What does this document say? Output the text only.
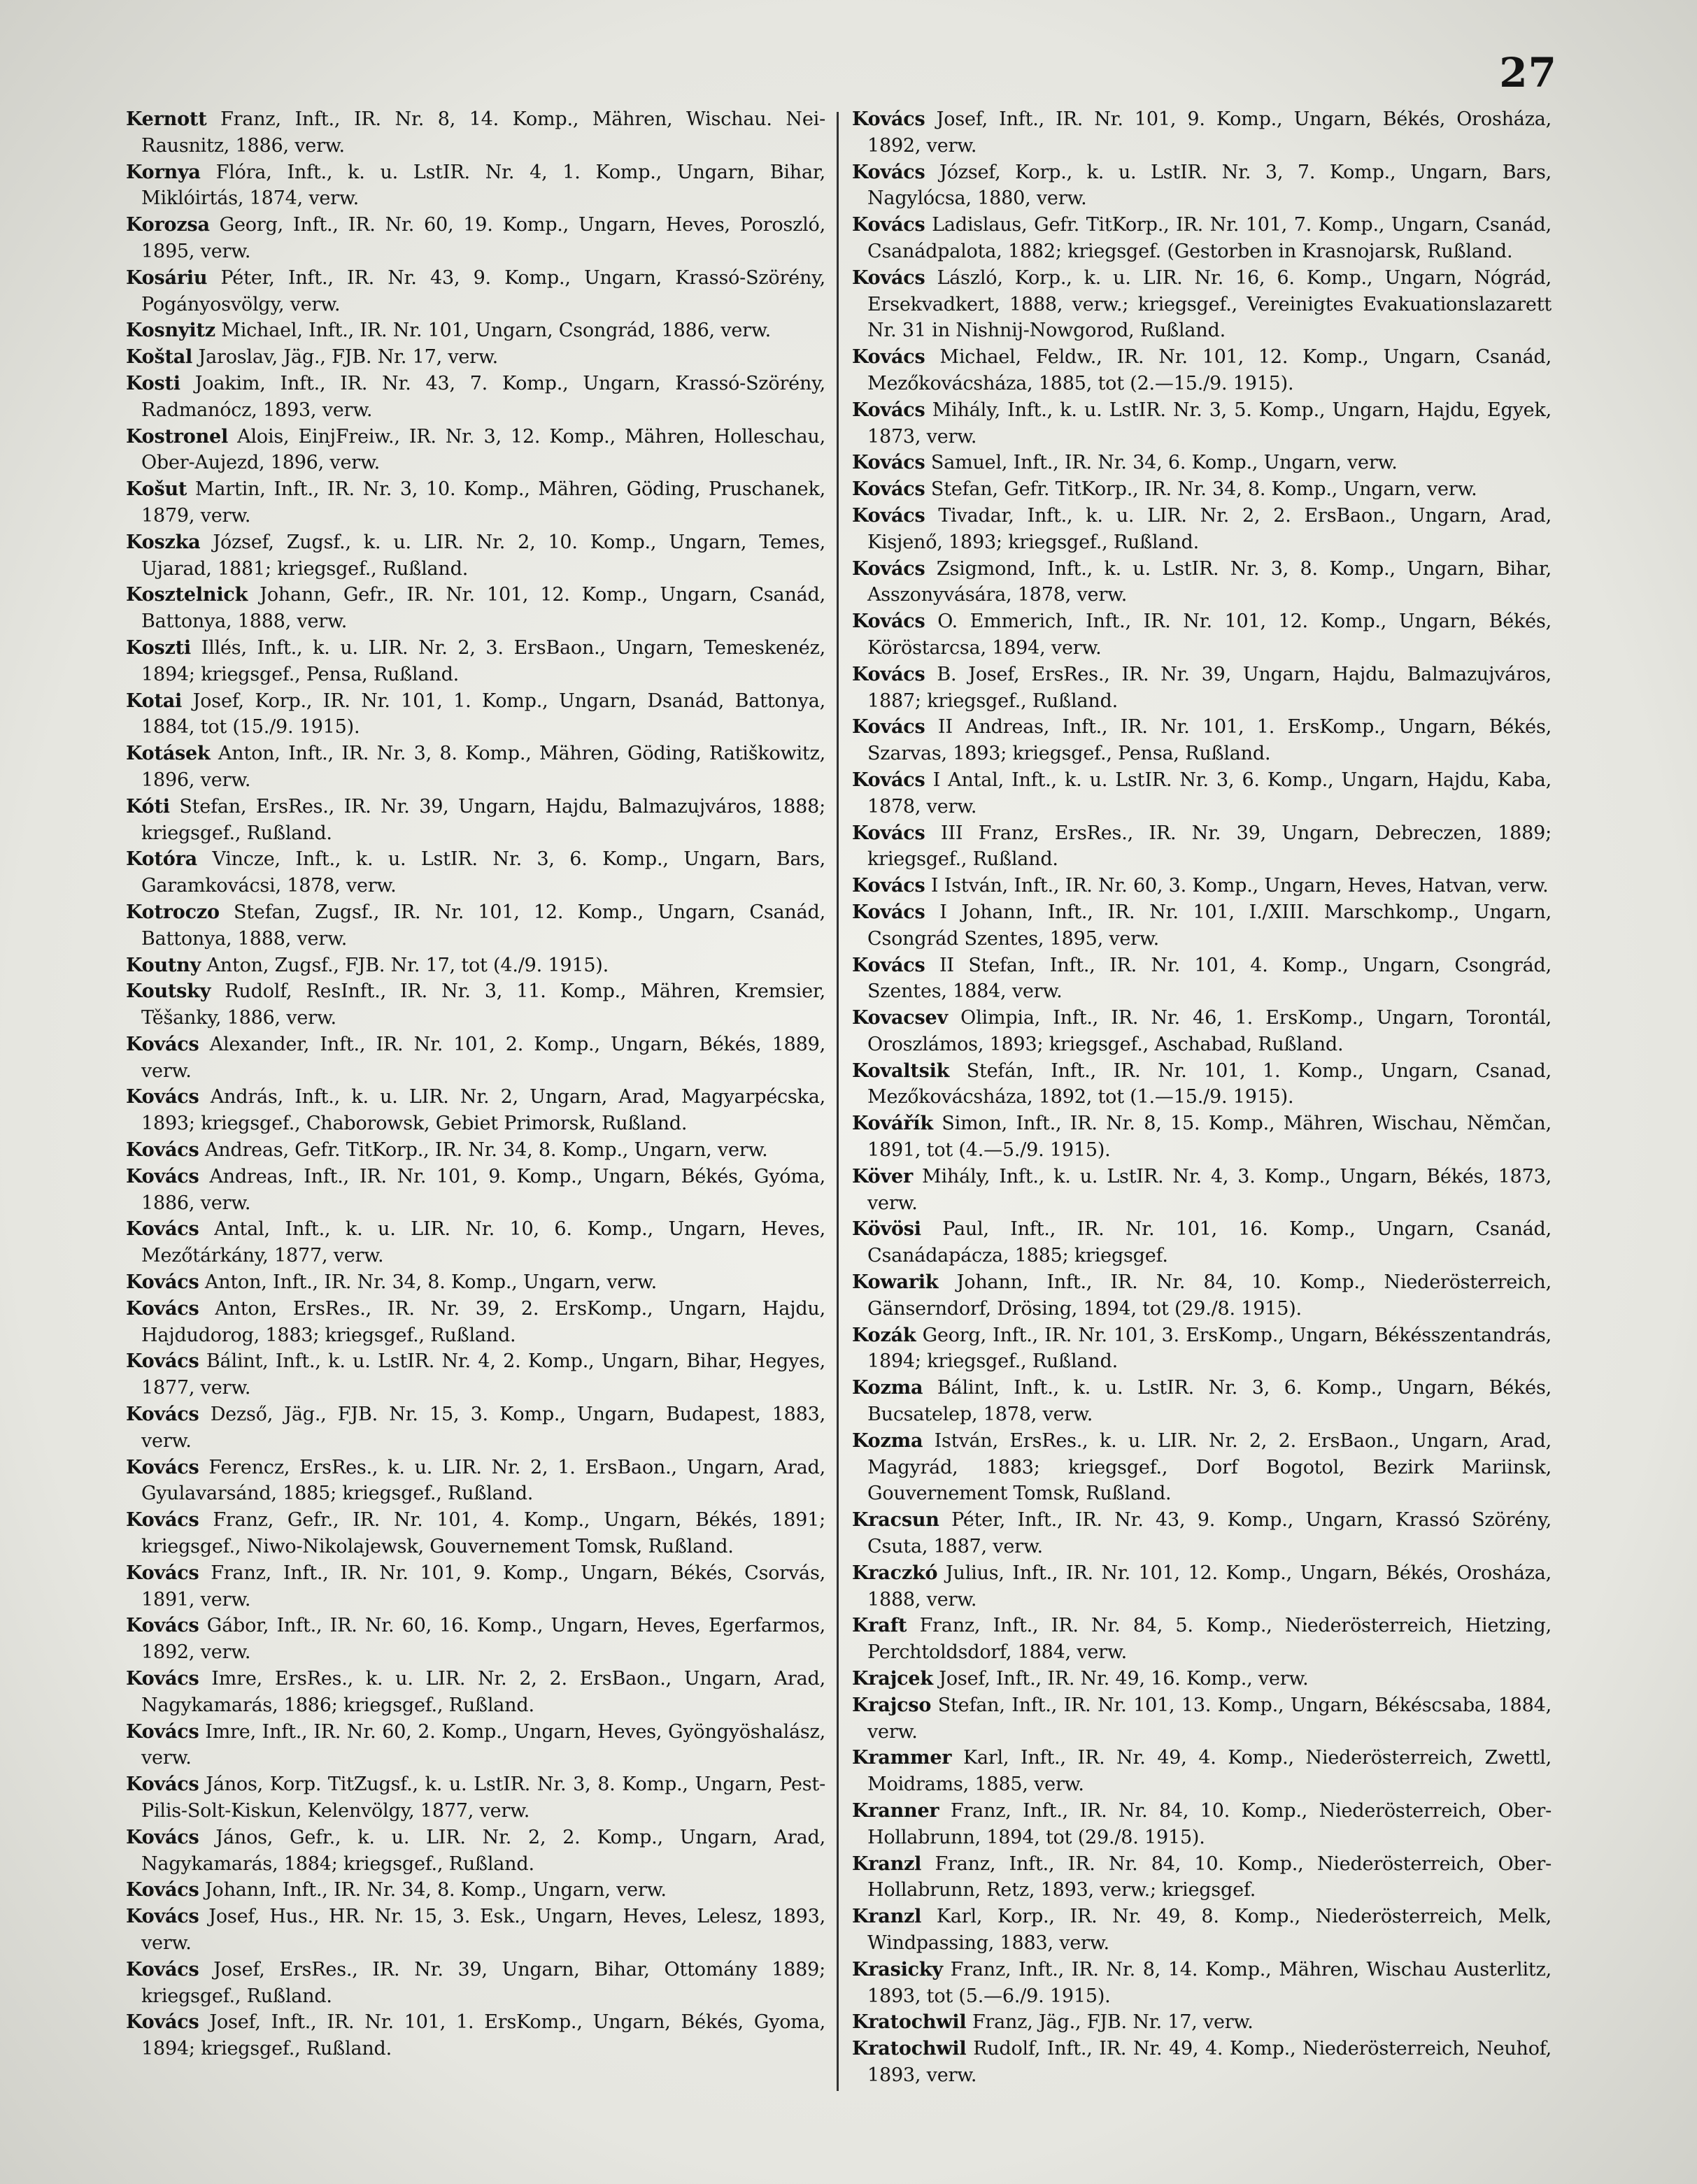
27

Kernott Franz, Inft., IR. Nr. 8, 14. Komp., Mähren, Wischau. Nei-Rausnitz, 1886, verw.

Kornya Flóra, Inft., k. u. LstIR. Nr. 4, 1. Komp., Ungarn, Bihar, Miklóirtás, 1874, verw.

Korozsa Georg, Inft., IR. Nr. 60, 19. Komp., Ungarn, Heves, Poroszló, 1895, verw.

Kosáriu Péter, Inft., IR. Nr. 43, 9. Komp., Ungarn, Krassó-Szörény, Pogányosvölgy, verw.

Kosnyitz Michael, Inft., IR. Nr. 101, Ungarn, Csongrád, 1886, verw.

Koštal Jaroslav, Jäg., FJB. Nr. 17, verw.

Kosti Joakim, Inft., IR. Nr. 43, 7. Komp., Ungarn, Krassó-Szörény, Radmanócz, 1893, verw.

Kostronel Alois, EinjFreiw., IR. Nr. 3, 12. Komp., Mähren, Holleschau, Ober-Aujezd, 1896, verw.

Košut Martin, Inft., IR. Nr. 3, 10. Komp., Mähren, Göding, Pruschanek, 1879, verw.

Koszka József, Zugsf., k. u. LIR. Nr. 2, 10. Komp., Ungarn, Temes, Ujarad, 1881; kriegsgef., Rußland.

Kosztelnick Johann, Gefr., IR. Nr. 101, 12. Komp., Ungarn, Csanád, Battonya, 1888, verw.

Koszti Illés, Inft., k. u. LIR. Nr. 2, 3. ErsBaon., Ungarn, Temeskenéz, 1894; kriegsgef., Pensa, Rußland.

Kotai Josef, Korp., IR. Nr. 101, 1. Komp., Ungarn, Dsanád, Battonya, 1884, tot (15./9. 1915).

Kotásek Anton, Inft., IR. Nr. 3, 8. Komp., Mähren, Göding, Ratiškowitz, 1896, verw.

Kóti Stefan, ErsRes., IR. Nr. 39, Ungarn, Hajdu, Balmazujváros, 1888; kriegsgef., Rußland.

Kotóra Vincze, Inft., k. u. LstIR. Nr. 3, 6. Komp., Ungarn, Bars, Garamkovácsi, 1878, verw.

Kotroczo Stefan, Zugsf., IR. Nr. 101, 12. Komp., Ungarn, Csanád, Battonya, 1888, verw.

Koutny Anton, Zugsf., FJB. Nr. 17, tot (4./9. 1915).

Koutsky Rudolf, ResInft., IR. Nr. 3, 11. Komp., Mähren, Kremsier, Těšanky, 1886, verw.

Kovács Alexander, Inft., IR. Nr. 101, 2. Komp., Ungarn, Békés, 1889, verw.

Kovács András, Inft., k. u. LIR. Nr. 2, Ungarn, Arad, Magyarpécska, 1893; kriegsgef., Chaborowsk, Gebiet Primorsk, Rußland.

Kovács Andreas, Gefr. TitKorp., IR. Nr. 34, 8. Komp., Ungarn, verw.

Kovács Andreas, Inft., IR. Nr. 101, 9. Komp., Ungarn, Békés, Gyóma, 1886, verw.

Kovács Antal, Inft., k. u. LIR. Nr. 10, 6. Komp., Ungarn, Heves, Mezőtárkány, 1877, verw.

Kovács Anton, Inft., IR. Nr. 34, 8. Komp., Ungarn, verw.

Kovács Anton, ErsRes., IR. Nr. 39, 2. ErsKomp., Ungarn, Hajdu, Hajdudorog, 1883; kriegsgef., Rußland.

Kovács Bálint, Inft., k. u. LstIR. Nr. 4, 2. Komp., Ungarn, Bihar, Hegyes, 1877, verw.

Kovács Dezső, Jäg., FJB. Nr. 15, 3. Komp., Ungarn, Budapest, 1883, verw.

Kovács Ferencz, ErsRes., k. u. LIR. Nr. 2, 1. ErsBaon., Ungarn, Arad, Gyulavarsánd, 1885; kriegsgef., Rußland.

Kovács Franz, Gefr., IR. Nr. 101, 4. Komp., Ungarn, Békés, 1891; kriegsgef., Niwo-Nikolajewsk, Gouvernement Tomsk, Rußland.

Kovács Franz, Inft., IR. Nr. 101, 9. Komp., Ungarn, Békés, Csorvás, 1891, verw.

Kovács Gábor, Inft., IR. Nr. 60, 16. Komp., Ungarn, Heves, Egerfarmos, 1892, verw.

Kovács Imre, ErsRes., k. u. LIR. Nr. 2, 2. ErsBaon., Ungarn, Arad, Nagykamarás, 1886; kriegsgef., Rußland.

Kovács Imre, Inft., IR. Nr. 60, 2. Komp., Ungarn, Heves, Gyöngyöshalász, verw.

Kovács János, Korp. TitZugsf., k. u. LstIR. Nr. 3, 8. Komp., Ungarn, Pest-Pilis-Solt-Kiskun, Kelenvölgy, 1877, verw.

Kovács János, Gefr., k. u. LIR. Nr. 2, 2. Komp., Ungarn, Arad, Nagykamarás, 1884; kriegsgef., Rußland.

Kovács Johann, Inft., IR. Nr. 34, 8. Komp., Ungarn, verw.

Kovács Josef, Hus., HR. Nr. 15, 3. Esk., Ungarn, Heves, Lelesz, 1893, verw.

Kovács Josef, ErsRes., IR. Nr. 39, Ungarn, Bihar, Ottomány 1889; kriegsgef., Rußland.

Kovács Josef, Inft., IR. Nr. 101, 1. ErsKomp., Ungarn, Békés, Gyoma, 1894; kriegsgef., Rußland.

Kovács Josef, Inft., IR. Nr. 101, 9. Komp., Ungarn, Békés, Orosháza, 1892, verw.

Kovács József, Korp., k. u. LstIR. Nr. 3, 7. Komp., Ungarn, Bars, Nagylócsa, 1880, verw.

Kovács Ladislaus, Gefr. TitKorp., IR. Nr. 101, 7. Komp., Ungarn, Csanád, Csanádpalota, 1882; kriegsgef. (Gestorben in Krasnojarsk, Rußland.

Kovács László, Korp., k. u. LIR. Nr. 16, 6. Komp., Ungarn, Nógrád, Ersekvadkert, 1888, verw.; kriegsgef., Vereinigtes Evakuationslazarett Nr. 31 in Nishnij-Nowgorod, Rußland.

Kovács Michael, Feldw., IR. Nr. 101, 12. Komp., Ungarn, Csanád, Mezőkovácsháza, 1885, tot (2.—15./9. 1915).

Kovács Mihály, Inft., k. u. LstIR. Nr. 3, 5. Komp., Ungarn, Hajdu, Egyek, 1873, verw.

Kovács Samuel, Inft., IR. Nr. 34, 6. Komp., Ungarn, verw.

Kovács Stefan, Gefr. TitKorp., IR. Nr. 34, 8. Komp., Ungarn, verw.

Kovács Tivadar, Inft., k. u. LIR. Nr. 2, 2. ErsBaon., Ungarn, Arad, Kisjenő, 1893; kriegsgef., Rußland.

Kovács Zsigmond, Inft., k. u. LstIR. Nr. 3, 8. Komp., Ungarn, Bihar, Asszonyvására, 1878, verw.

Kovács O. Emmerich, Inft., IR. Nr. 101, 12. Komp., Ungarn, Békés, Köröstarcsa, 1894, verw.

Kovács B. Josef, ErsRes., IR. Nr. 39, Ungarn, Hajdu, Balmazujváros, 1887; kriegsgef., Rußland.

Kovács II Andreas, Inft., IR. Nr. 101, 1. ErsKomp., Ungarn, Békés, Szarvas, 1893; kriegsgef., Pensa, Rußland.

Kovács I Antal, Inft., k. u. LstIR. Nr. 3, 6. Komp., Ungarn, Hajdu, Kaba, 1878, verw.

Kovács III Franz, ErsRes., IR. Nr. 39, Ungarn, Debreczen, 1889; kriegsgef., Rußland.

Kovács I István, Inft., IR. Nr. 60, 3. Komp., Ungarn, Heves, Hatvan, verw.

Kovács I Johann, Inft., IR. Nr. 101, I./XIII. Marschkomp., Ungarn, Csongrád Szentes, 1895, verw.

Kovács II Stefan, Inft., IR. Nr. 101, 4. Komp., Ungarn, Csongrád, Szentes, 1884, verw.

Kovacsev Olimpia, Inft., IR. Nr. 46, 1. ErsKomp., Ungarn, Torontál, Oroszlámos, 1893; kriegsgef., Aschabad, Rußland.

Kovaltsik Stefán, Inft., IR. Nr. 101, 1. Komp., Ungarn, Csanad, Mezőkovácsháza, 1892, tot (1.—15./9. 1915).

Kovářík Simon, Inft., IR. Nr. 8, 15. Komp., Mähren, Wischau, Němčan, 1891, tot (4.—5./9. 1915).

Köver Mihály, Inft., k. u. LstIR. Nr. 4, 3. Komp., Ungarn, Békés, 1873, verw.

Kövösi Paul, Inft., IR. Nr. 101, 16. Komp., Ungarn, Csanád, Csanádapácza, 1885; kriegsgef.

Kowarik Johann, Inft., IR. Nr. 84, 10. Komp., Niederösterreich, Gänserndorf, Drösing, 1894, tot (29./8. 1915).

Kozák Georg, Inft., IR. Nr. 101, 3. ErsKomp., Ungarn, Békésszentandrás, 1894; kriegsgef., Rußland.

Kozma Bálint, Inft., k. u. LstIR. Nr. 3, 6. Komp., Ungarn, Békés, Bucsatelep, 1878, verw.

Kozma István, ErsRes., k. u. LIR. Nr. 2, 2. ErsBaon., Ungarn, Arad, Magyrád, 1883; kriegsgef., Dorf Bogotol, Bezirk Mariinsk, Gouvernement Tomsk, Rußland.

Kracsun Péter, Inft., IR. Nr. 43, 9. Komp., Ungarn, Krassó Szörény, Csuta, 1887, verw.

Kraczkó Julius, Inft., IR. Nr. 101, 12. Komp., Ungarn, Békés, Orosháza, 1888, verw.

Kraft Franz, Inft., IR. Nr. 84, 5. Komp., Niederösterreich, Hietzing, Perchtoldsdorf, 1884, verw.

Krajcek Josef, Inft., IR. Nr. 49, 16. Komp., verw.

Krajcso Stefan, Inft., IR. Nr. 101, 13. Komp., Ungarn, Békéscsaba, 1884, verw.

Krammer Karl, Inft., IR. Nr. 49, 4. Komp., Niederösterreich, Zwettl, Moidrams, 1885, verw.

Kranner Franz, Inft., IR. Nr. 84, 10. Komp., Niederösterreich, Ober-Hollabrunn, 1894, tot (29./8. 1915).

Kranzl Franz, Inft., IR. Nr. 84, 10. Komp., Niederösterreich, Ober-Hollabrunn, Retz, 1893, verw.; kriegsgef.

Kranzl Karl, Korp., IR. Nr. 49, 8. Komp., Niederösterreich, Melk, Windpassing, 1883, verw.

Krasicky Franz, Inft., IR. Nr. 8, 14. Komp., Mähren, Wischau Austerlitz, 1893, tot (5.—6./9. 1915).

Kratochwil Franz, Jäg., FJB. Nr. 17, verw.

Kratochwil Rudolf, Inft., IR. Nr. 49, 4. Komp., Niederösterreich, Neuhof, 1893, verw.
